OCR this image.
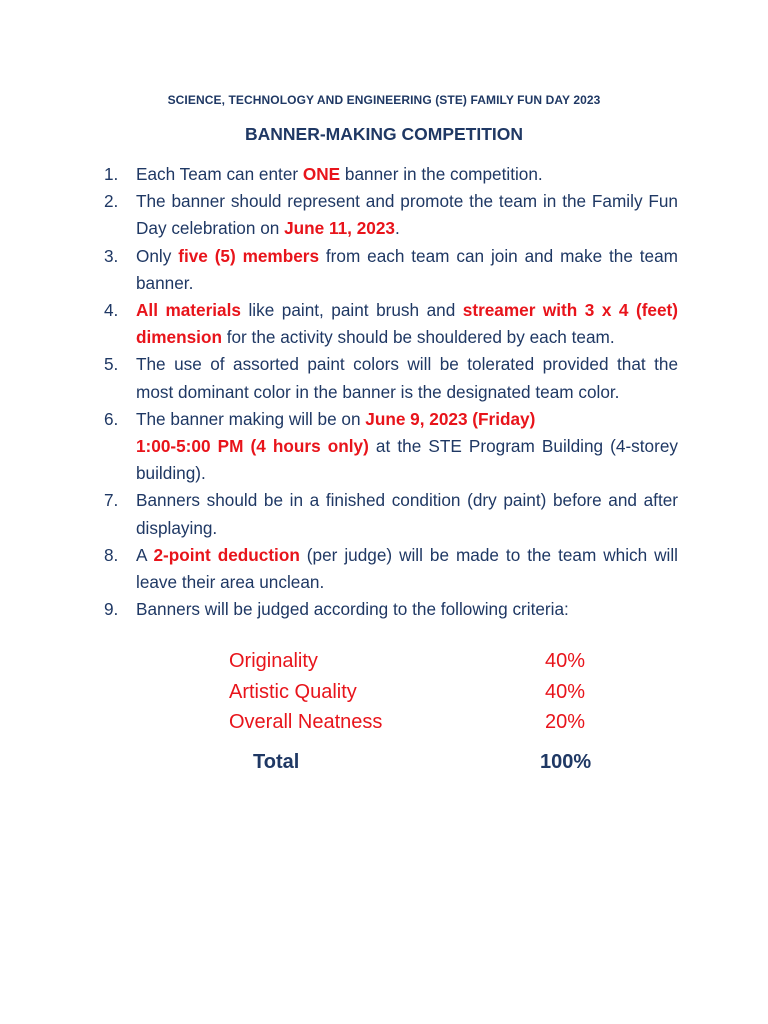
SCIENCE, TECHNOLOGY AND ENGINEERING (STE) FAMILY FUN DAY 2023
BANNER-MAKING COMPETITION
1.	Each Team can enter ONE banner in the competition.
2.	The banner should represent and promote the team in the Family Fun Day celebration on June 11, 2023.
3.	Only five (5) members from each team can join and make the team banner.
4.	All materials like paint, paint brush and streamer with 3 x 4 (feet) dimension for the activity should be shouldered by each team.
5.	The use of assorted paint colors will be tolerated provided that the most dominant color in the banner is the designated team color.
6.	The banner making will be on June 9, 2023 (Friday)
1:00-5:00 PM (4 hours only) at the STE Program Building (4-storey building).
7.	Banners should be in a finished condition (dry paint) before and after displaying.
8.	A 2-point deduction (per judge) will be made to the team which will leave their area unclean.
9.	Banners will be judged according to the following criteria:
Originality	40%
Artistic Quality	40%
Overall Neatness	20%
Total	100%
